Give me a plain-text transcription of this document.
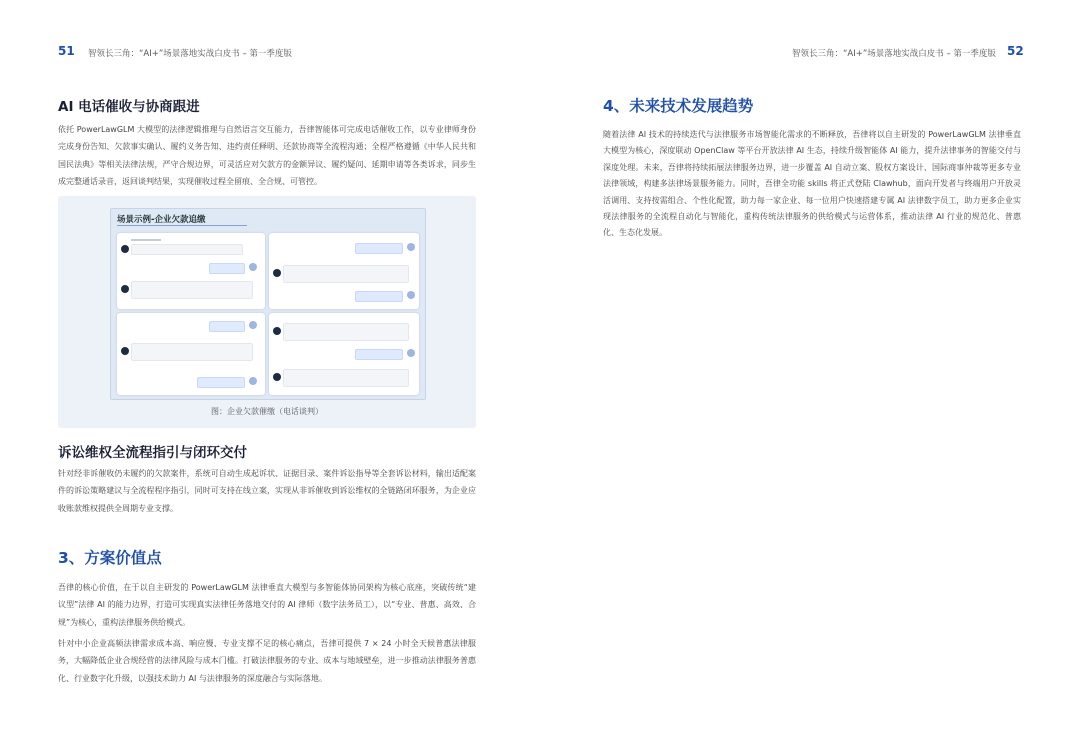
51 智领长三角：“AI+”场景落地实战白皮书 – 第一季度版
AI 电话催收与协商跟进
依托 PowerLawGLM 大模型的法律逻辑推理与自然语言交互能力，吾律智能体可完成电话催收工作，以专业律师身份完成身份告知、欠款事实确认、履约义务告知、违约责任释明、还款协商等全流程沟通；全程严格遵循《中华人民共和国民法典》等相关法律法规，严守合规边界，可灵活应对欠款方的金额异议、履约疑问、延期申请等各类诉求，同步生成完整通话录音，返回谈判结果，实现催收过程全留痕、全合规、可管控。
场景示例-企业欠款追缴
图：企业欠款催缴（电话谈判）
诉讼维权全流程指引与闭环交付
针对经非诉催收仍未履约的欠款案件，系统可自动生成起诉状、证据目录、案件诉讼指导等全套诉讼材料，输出适配案件的诉讼策略建议与全流程程序指引，同时可支持在线立案，实现从非诉催收到诉讼维权的全链路闭环服务，为企业应收账款维权提供全周期专业支撑。
3、方案价值点
吾律的核心价值，在于以自主研发的 PowerLawGLM 法律垂直大模型与多智能体协同架构为核心底座，突破传统“建议型”法律 AI 的能力边界，打造可实现真实法律任务落地交付的 AI 律师（数字法务员工），以“专业、普惠、高效、合规”为核心，重构法律服务供给模式。
针对中小企业高频法律需求成本高、响应慢、专业支撑不足的核心痛点，吾律可提供 7 × 24 小时全天候普惠法律服务，大幅降低企业合规经营的法律风险与成本门槛。打破法律服务的专业、成本与地域壁垒，进一步推动法律服务普惠化、行业数字化升级，以强技术助力 AI 与法律服务的深度融合与实际落地。
智领长三角：“AI+”场景落地实战白皮书 – 第一季度版 52
4、未来技术发展趋势
随着法律 AI 技术的持续迭代与法律服务市场智能化需求的不断释放，吾律将以自主研发的 PowerLawGLM 法律垂直大模型为核心，深度联动 OpenClaw 等平台开放法律 AI 生态，持续升级智能体 AI 能力，提升法律事务的智能交付与深度处理。未来，吾律将持续拓展法律服务边界，进一步覆盖 AI 自动立案、股权方案设计、国际商事仲裁等更多专业法律领域，构建多法律场景服务能力。同时，吾律全功能 skills 将正式登陆 Clawhub，面向开发者与终端用户开放灵活调用、支持按需组合、个性化配置，助力每一家企业、每一位用户快速搭建专属 AI 法律数字员工，助力更多企业实现法律服务的全流程自动化与智能化，重构传统法律服务的供给模式与运营体系，推动法律 AI 行业的规范化、普惠化、生态化发展。
